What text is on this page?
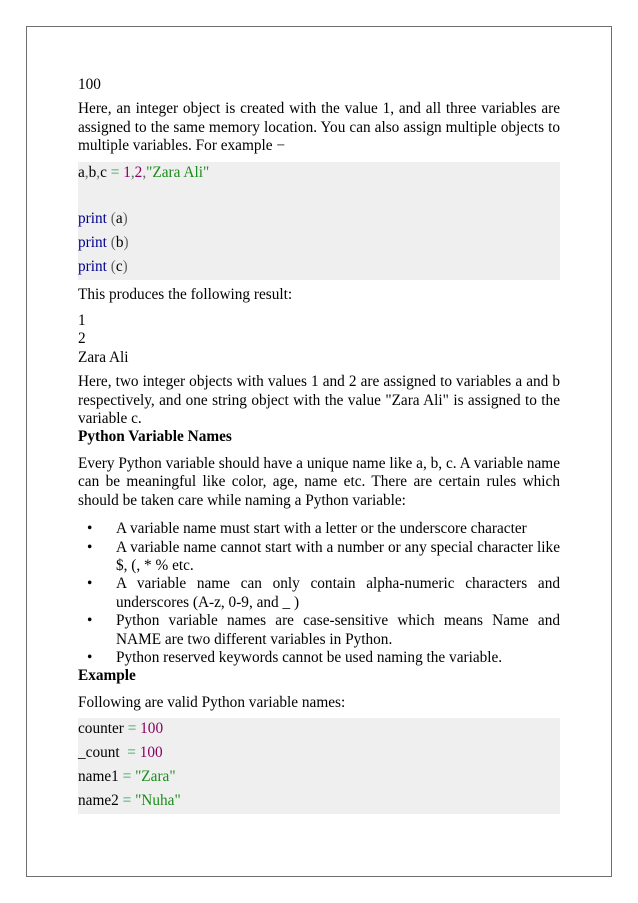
100

Here, an integer object is created with the value 1, and all three variables are assigned to the same memory location. You can also assign multiple objects to multiple variables. For example −

a,b,c = 1,2,"Zara Ali"
print (a)
print (b)
print (c)

This produces the following result:

1

2

Zara Ali

Here, two integer objects with values 1 and 2 are assigned to variables a and b respectively, and one string object with the value "Zara Ali" is assigned to the variable c.

Python Variable Names

Every Python variable should have a unique name like a, b, c. A variable name can be meaningful like color, age, name etc. There are certain rules which should be taken care while naming a Python variable:

• A variable name must start with a letter or the underscore character
• A variable name cannot start with a number or any special character like $, (, * % etc.
• A variable name can only contain alpha-numeric characters and underscores (A-z, 0-9, and _ )
• Python variable names are case-sensitive which means Name and NAME are two different variables in Python.
• Python reserved keywords cannot be used naming the variable.

Example

Following are valid Python variable names:

counter = 100
_count  = 100
name1 = "Zara"
name2 = "Nuha"
